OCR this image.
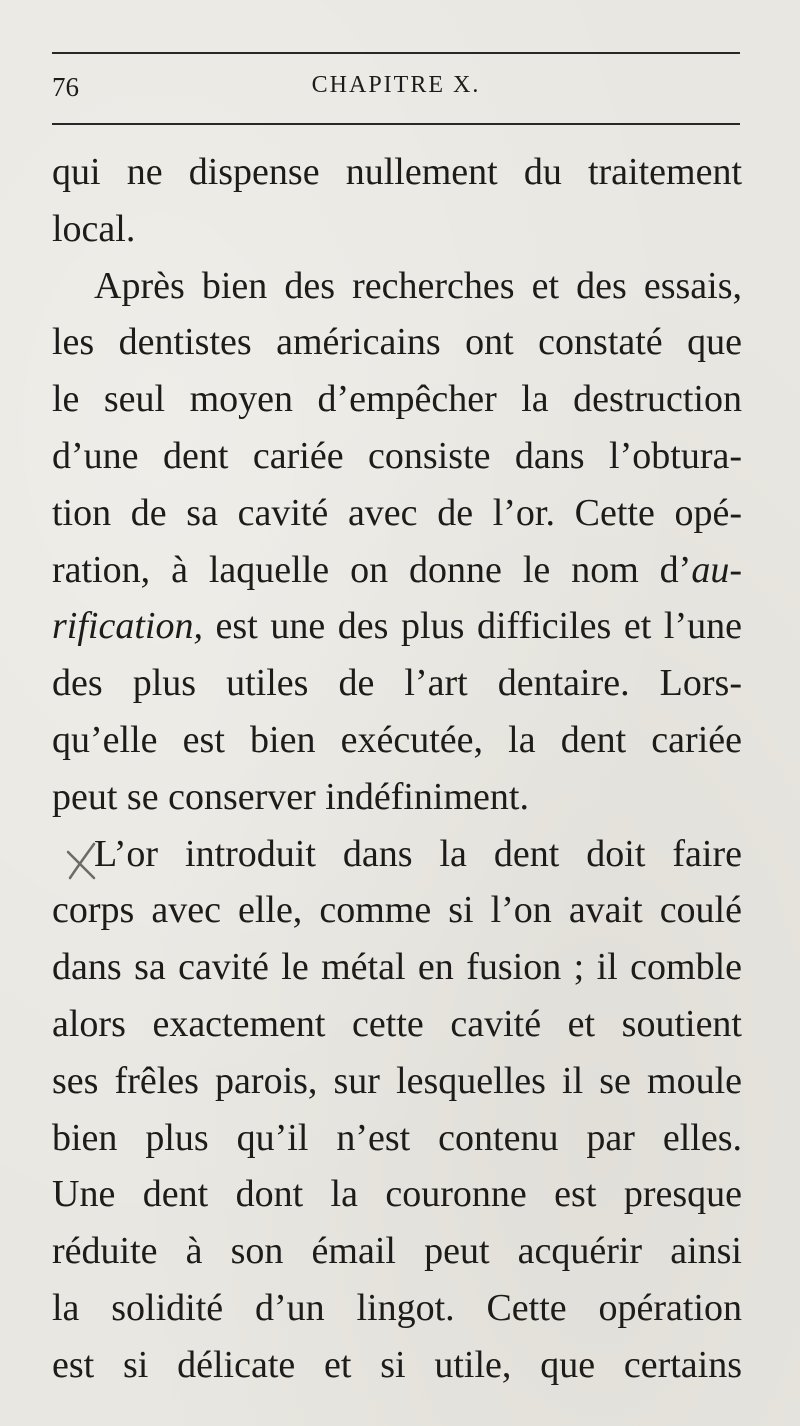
76	CHAPITRE X.
qui ne dispense nullement du traitement
local.
Après bien des recherches et des essais,
les dentistes américains ont constaté que
le seul moyen d’empêcher la destruction
d’une dent cariée consiste dans l’obtura-
tion de sa cavité avec de l’or. Cette opé-
ration, à laquelle on donne le nom d’au-
rification, est une des plus difficiles et l’une
des plus utiles de l’art dentaire. Lors-
qu’elle est bien exécutée, la dent cariée
peut se conserver indéfiniment.
L’or introduit dans la dent doit faire
corps avec elle, comme si l’on avait coulé
dans sa cavité le métal en fusion ; il comble
alors exactement cette cavité et soutient
ses frêles parois, sur lesquelles il se moule
bien plus qu’il n’est contenu par elles.
Une dent dont la couronne est presque
réduite à son émail peut acquérir ainsi
la solidité d’un lingot. Cette opération
est si délicate et si utile, que certains
